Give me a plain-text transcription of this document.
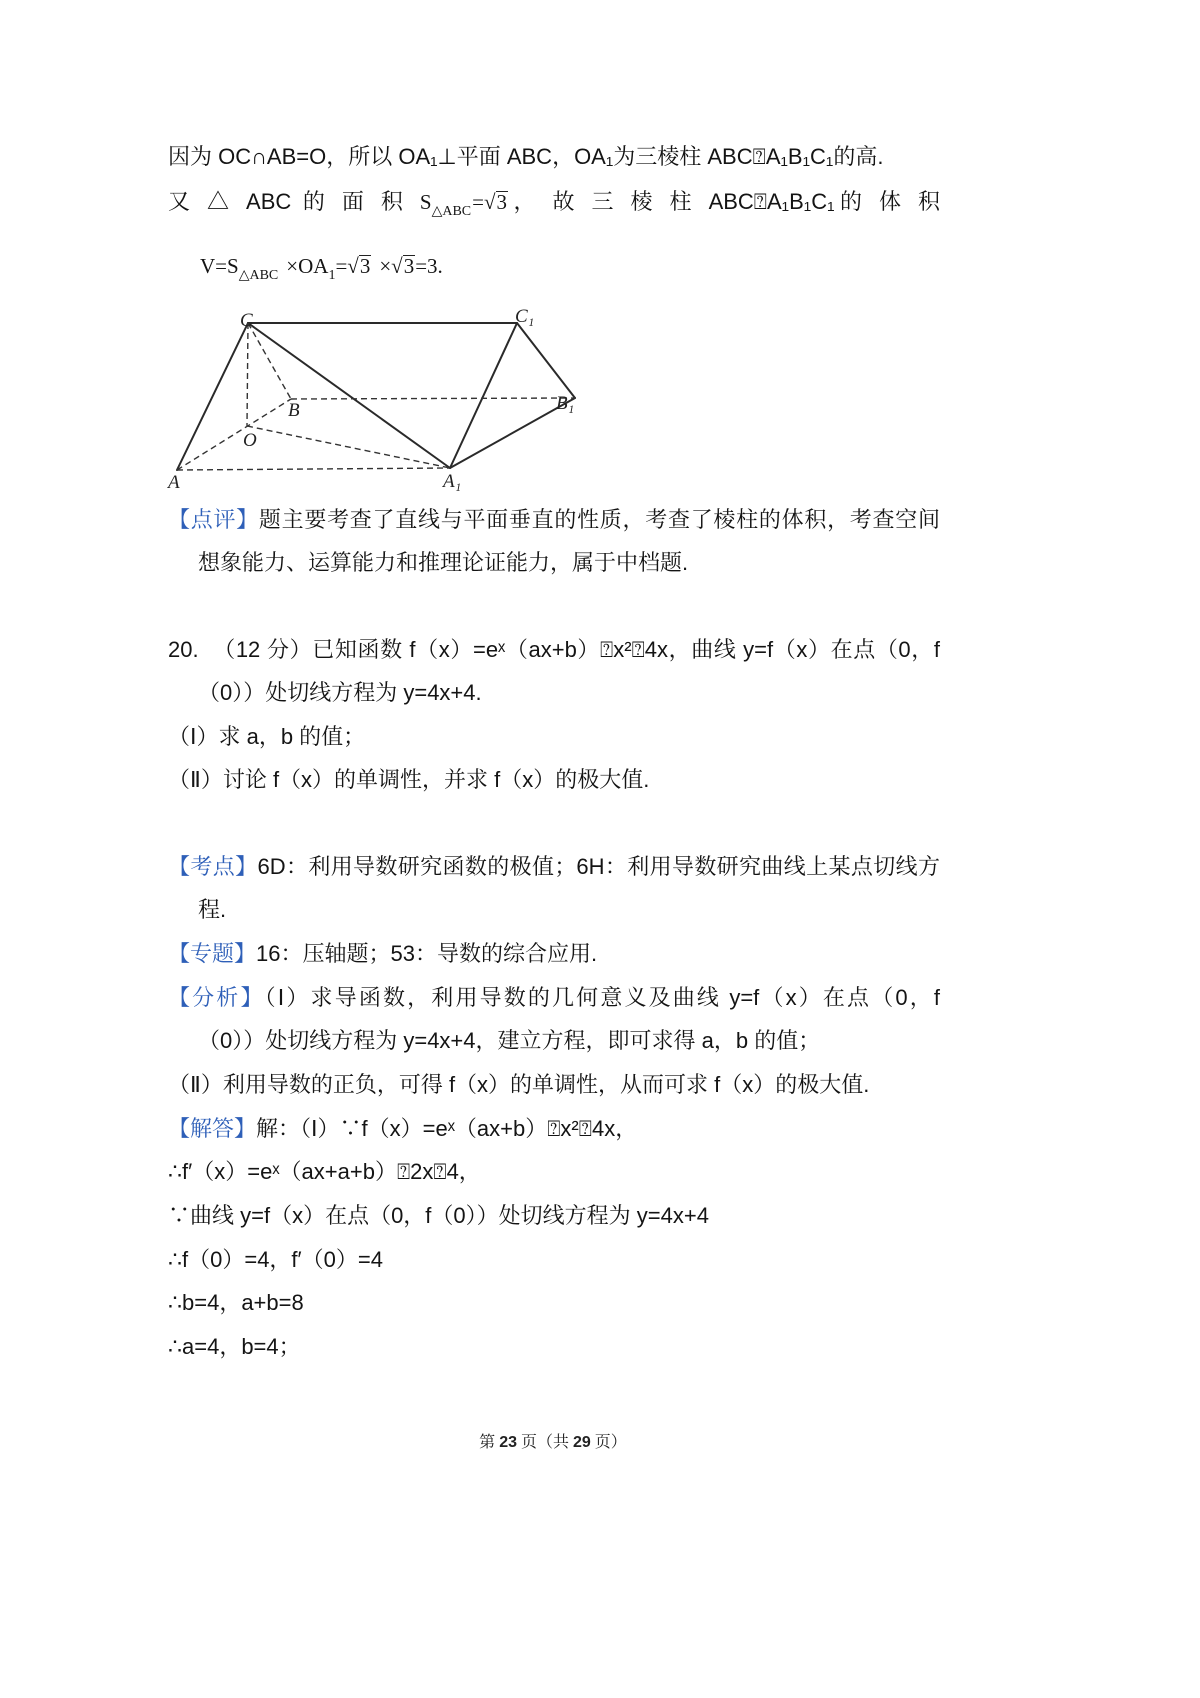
因为 OC∩AB=O，所以 OA₁⊥平面 ABC，OA₁为三棱柱 ABC⍰A₁B₁C₁的高.
又 △ ABC 的 面 积 $S_{\triangle ABC}=√3$， 故 三 棱 柱 ABC⍰A₁B₁C₁的 体 积
$V=S_{\triangle ABC} \times OA_1=√3 \times√3=3$.
C	C₁
B	B₁
O
A	A₁
【点评】题主要考查了直线与平面垂直的性质，考查了棱柱的体积，考查空间
想象能力、运算能力和推理论证能力，属于中档题.
20. （12 分）已知函数 f（x）=eˣ（ax+b）⍰x²⍰4x，曲线 y=f（x）在点（0，f
（0））处切线方程为 y=4x+4.
（Ⅰ）求 a，b 的值；
（Ⅱ）讨论 f（x）的单调性，并求 f（x）的极大值.
【考点】6D：利用导数研究函数的极值；6H：利用导数研究曲线上某点切线方
程.
【专题】16：压轴题；53：导数的综合应用.
【分析】（Ⅰ）求导函数，利用导数的几何意义及曲线 y=f（x）在点（0，f
（0））处切线方程为 y=4x+4，建立方程，即可求得 a，b 的值；
（Ⅱ）利用导数的正负，可得 f（x）的单调性，从而可求 f（x）的极大值.
【解答】解：（Ⅰ）∵f（x）=eˣ（ax+b）⍰x²⍰4x，
∴f′（x）=eˣ（ax+a+b）⍰2x⍰4，
∵曲线 y=f（x）在点（0，f（0））处切线方程为 y=4x+4
∴f（0）=4，f′（0）=4
∴b=4，a+b=8
∴a=4，b=4；
第 23 页（共 29 页）
